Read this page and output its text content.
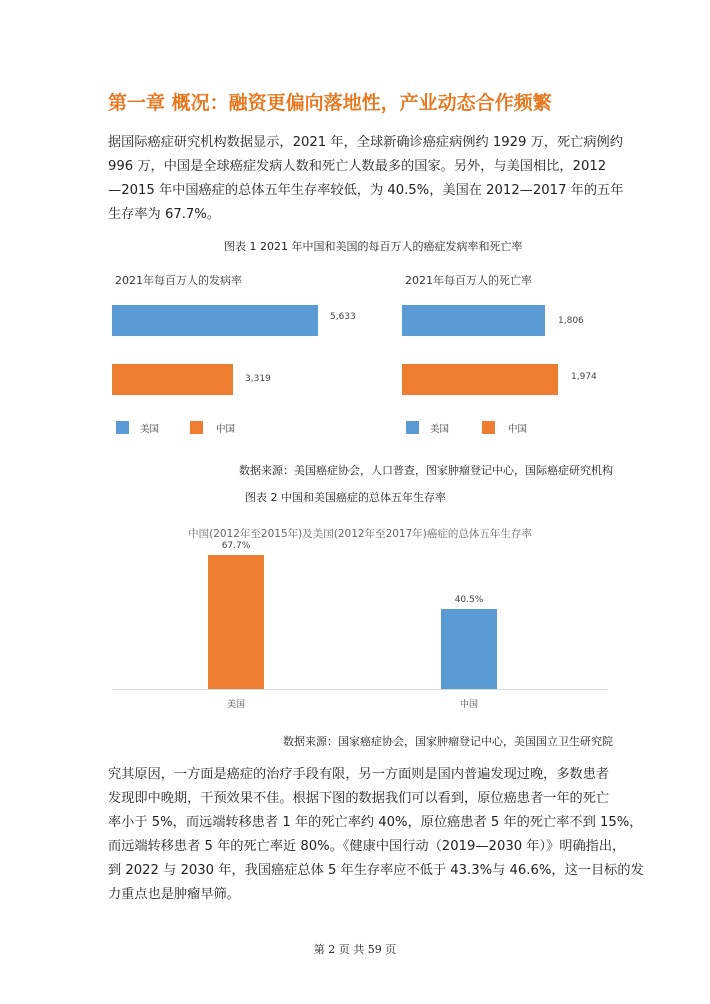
第一章 概况：融资更偏向落地性，产业动态合作频繁

据国际癌症研究机构数据显示，2021 年，全球新确诊癌症病例约 1929 万，死亡病例约

996 万，中国是全球癌症发病人数和死亡人数最多的国家。另外，与美国相比，2012

—2015 年中国癌症的总体五年生存率较低，为 40.5%，美国在 2012—2017 年的五年

生存率为 67.7%。

图表 1 2021 年中国和美国的每百万人的癌症发病率和死亡率
2021年每百万人的发病率
5,633
3,319
美国	中国
2021年每百万人的死亡率
1,806
1,974
美国	中国
数据来源：美国癌症协会，人口普查，图家肿瘤登记中心，国际癌症研究机构
图表 2 中国和美国癌症的总体五年生存率
中国(2012年至2015年)及美国(2012年至2017年)癌症的总体五年生存率
67.7%
40.5%
美国	中国
数据来源：国家癌症协会，国家肿瘤登记中心，美国国立卫生研究院

究其原因，一方面是癌症的治疗手段有限，另一方面则是国内普遍发现过晚，多数患者

发现即中晚期，干预效果不佳。根据下图的数据我们可以看到，原位癌患者一年的死亡

率小于 5%，而远端转移患者 1 年的死亡率约 40%，原位癌患者 5 年的死亡率不到 15%，

而远端转移患者 5 年的死亡率近 80%。《健康中国行动（2019—2030 年）》明确指出，

到 2022 与 2030 年，我国癌症总体 5 年生存率应不低于 43.3%与 46.6%，这一目标的发

力重点也是肿瘤早筛。

第 2 页 共 59 页
